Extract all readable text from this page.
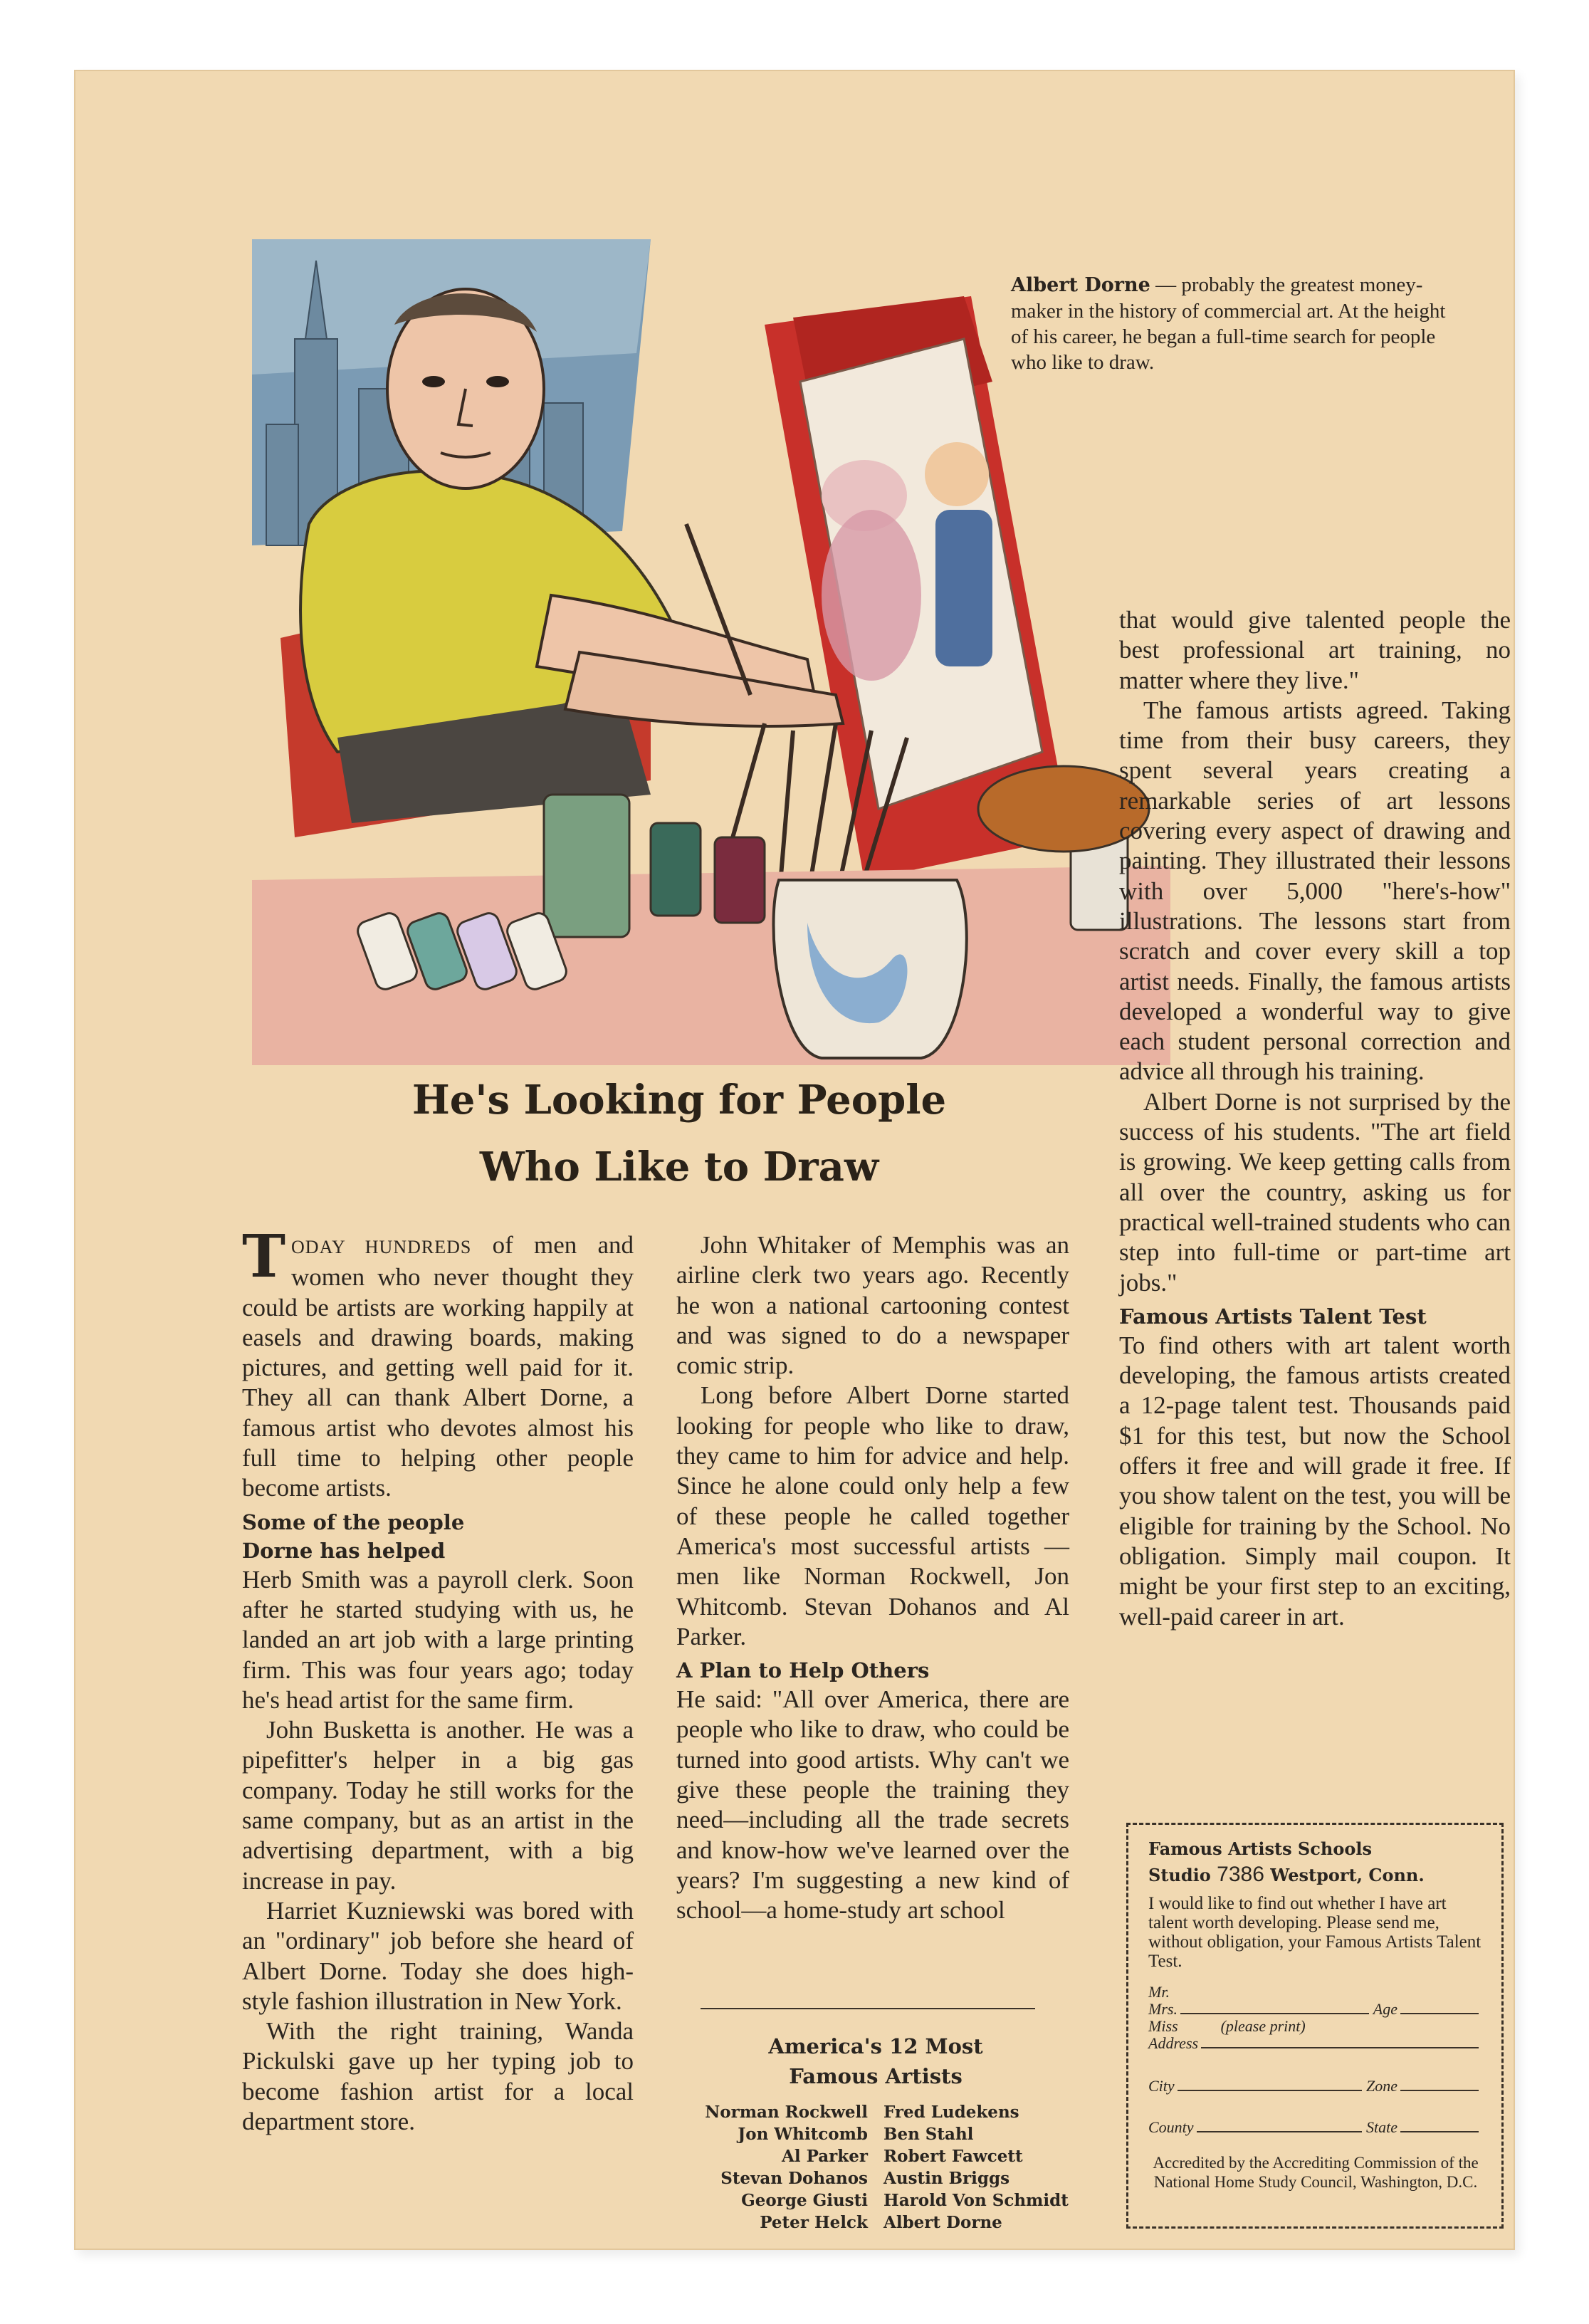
Albert Dorne — probably the greatest money-maker in the history of commercial art. At the height of his career, he began a full-time search for people who like to draw.
He's Looking for People
Who Like to Draw

TODAY HUNDREDS of men and women who never thought they could be artists are working happily at easels and drawing boards, making pictures, and getting well paid for it. They all can thank Albert Dorne, a famous artist who devotes almost his full time to helping other people become artists.

Some of the people
Dorne has helped

Herb Smith was a payroll clerk. Soon after he started studying with us, he landed an art job with a large printing firm. This was four years ago; today he's head artist for the same firm.

John Busketta is another. He was a pipefitter's helper in a big gas company. Today he still works for the same company, but as an artist in the advertising department, with a big increase in pay.

Harriet Kuzniewski was bored with an "ordinary" job before she heard of Albert Dorne. Today she does high-style fashion illustration in New York.

With the right training, Wanda Pickulski gave up her typing job to become fashion artist for a local department store.

John Whitaker of Memphis was an airline clerk two years ago. Recently he won a national cartooning contest and was signed to do a newspaper comic strip.

Long before Albert Dorne started looking for people who like to draw, they came to him for advice and help. Since he alone could only help a few of these people he called together America's most successful artists —men like Norman Rockwell, Jon Whitcomb. Stevan Dohanos and Al Parker.

A Plan to Help Others

He said: "All over America, there are people who like to draw, who could be turned into good artists. Why can't we give these people the training they need—including all the trade secrets and know-how we've learned over the years? I'm suggesting a new kind of school—a home-study art school

America's 12 Most
Famous Artists
Norman Rockwell Fred Ludekens
Jon Whitcomb Ben Stahl
Al Parker Robert Fawcett
Stevan Dohanos Austin Briggs
George Giusti Harold Von Schmidt
Peter Helck Albert Dorne

that would give talented people the best professional art training, no matter where they live."

The famous artists agreed. Taking time from their busy careers, they spent several years creating a remarkable series of art lessons covering every aspect of drawing and painting. They illustrated their lessons with over 5,000 "here's-how" illustrations. The lessons start from scratch and cover every skill a top artist needs. Finally, the famous artists developed a wonderful way to give each student personal correction and advice all through his training.

Albert Dorne is not surprised by the success of his students. "The art field is growing. We keep getting calls from all over the country, asking us for practical well-trained students who can step into full-time or part-time art jobs."

Famous Artists Talent Test

To find others with art talent worth developing, the famous artists created a 12-page talent test. Thousands paid $1 for this test, but now the School offers it free and will grade it free. If you show talent on the test, you will be eligible for training by the School. No obligation. Simply mail coupon. It might be your first step to an exciting, well-paid career in art.

Famous Artists Schools
Studio 7386 Westport, Conn.
I would like to find out whether I have art talent worth developing. Please send me, without obligation, your Famous Artists Talent Test.
Mr.
Mrs.	Age
Miss	(please print)
Address
City	Zone
County	State
Accredited by the Accrediting Commission of the National Home Study Council, Washington, D.C.
